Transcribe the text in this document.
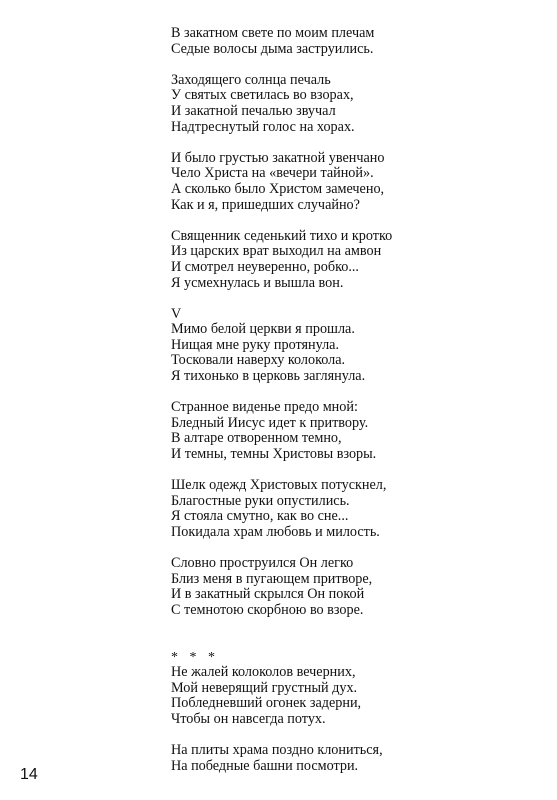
В закатном свете по моим плечам
Седые волосы дыма заструились.
Заходящего солнца печаль
У святых светилась во взорах,
И закатной печалью звучал
Надтреснутый голос на хорах.
И было грустью закатной увенчано
Чело Христа на «вечери тайной».
А сколько было Христом замечено,
Как и я, пришедших случайно?
Священник седенький тихо и кротко
Из царских врат выходил на амвон
И смотрел неуверенно, робко...
Я усмехнулась и вышла вон.
V
Мимо белой церкви я прошла.
Нищая мне руку протянула.
Тосковали наверху колокола.
Я тихонько в церковь заглянула.
Странное виденье предо мной:
Бледный Иисус идет к притвору.
В алтаре отворенном темно,
И темны, темны Христовы взоры.
Шелк одежд Христовых потускнел,
Благостные руки опустились.
Я стояла смутно, как во сне...
Покидала храм любовь и милость.
Словно проструился Он легко
Близ меня в пугающем притворе,
И в закатный скрылся Он покой
С темнотою скорбною во взоре.
* * *
Не жалей колоколов вечерних,
Мой неверящий грустный дух.
Побледневший огонек задерни,
Чтобы он навсегда потух.
На плиты храма поздно клониться,
На победные башни посмотри.
14
